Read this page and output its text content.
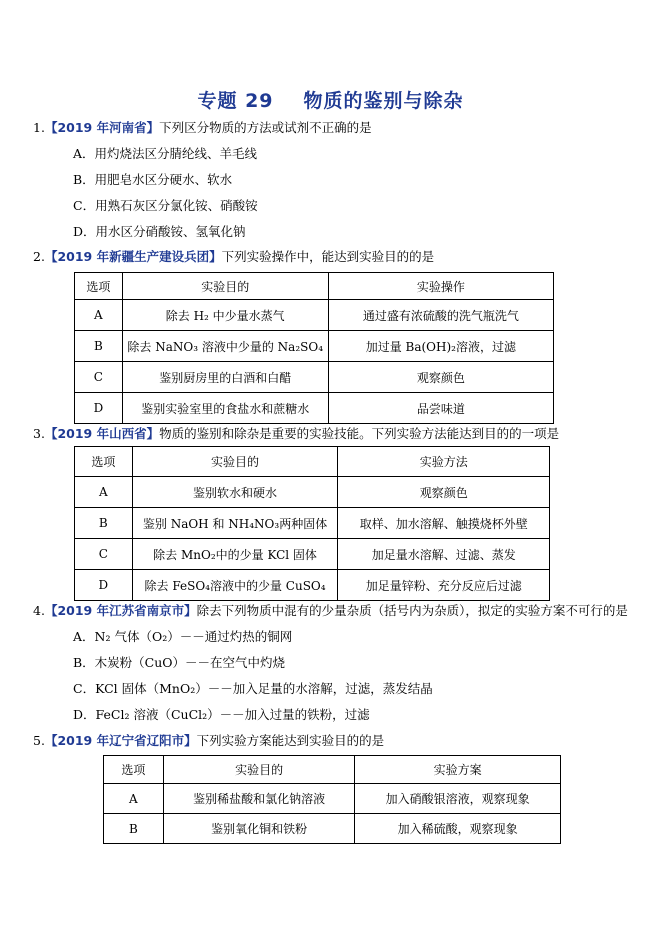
专题 29 物质的鉴别与除杂
1.【2019 年河南省】下列区分物质的方法或试剂不正确的是
A．用灼烧法区分腈纶线、羊毛线
B．用肥皂水区分硬水、软水
C．用熟石灰区分氯化铵、硝酸铵
D．用水区分硝酸铵、氢氧化钠
2.【2019 年新疆生产建设兵团】下列实验操作中，能达到实验目的的是
选项	实验目的	实验操作
A	除去 H₂ 中少量水蒸气	通过盛有浓硫酸的洗气瓶洗气
B	除去 NaNO₃ 溶液中少量的 Na₂SO₄	加过量 Ba(OH)₂溶液，过滤
C	鉴别厨房里的白酒和白醋	观察颜色
D	鉴别实验室里的食盐水和蔗糖水	品尝味道
3.【2019 年山西省】物质的鉴别和除杂是重要的实验技能。下列实验方法能达到目的的一项是
选项	实验目的	实验方法
A	鉴别软水和硬水	观察颜色
B	鉴别 NaOH 和 NH₄NO₃两种固体	取样、加水溶解、触摸烧杯外壁
C	除去 MnO₂中的少量 KCl 固体	加足量水溶解、过滤、蒸发
D	除去 FeSO₄溶液中的少量 CuSO₄	加足量锌粉、充分反应后过滤
4.【2019 年江苏省南京市】除去下列物质中混有的少量杂质（括号内为杂质），拟定的实验方案不可行的是
A．N₂ 气体（O₂）－－通过灼热的铜网
B．木炭粉（CuO）－－在空气中灼烧
C．KCl 固体（MnO₂）－－加入足量的水溶解，过滤，蒸发结晶
D．FeCl₂ 溶液（CuCl₂）－－加入过量的铁粉，过滤
5.【2019 年辽宁省辽阳市】下列实验方案能达到实验目的的是
选项	实验目的	实验方案
A	鉴别稀盐酸和氯化钠溶液	加入硝酸银溶液，观察现象
B	鉴别氧化铜和铁粉	加入稀硫酸，观察现象
